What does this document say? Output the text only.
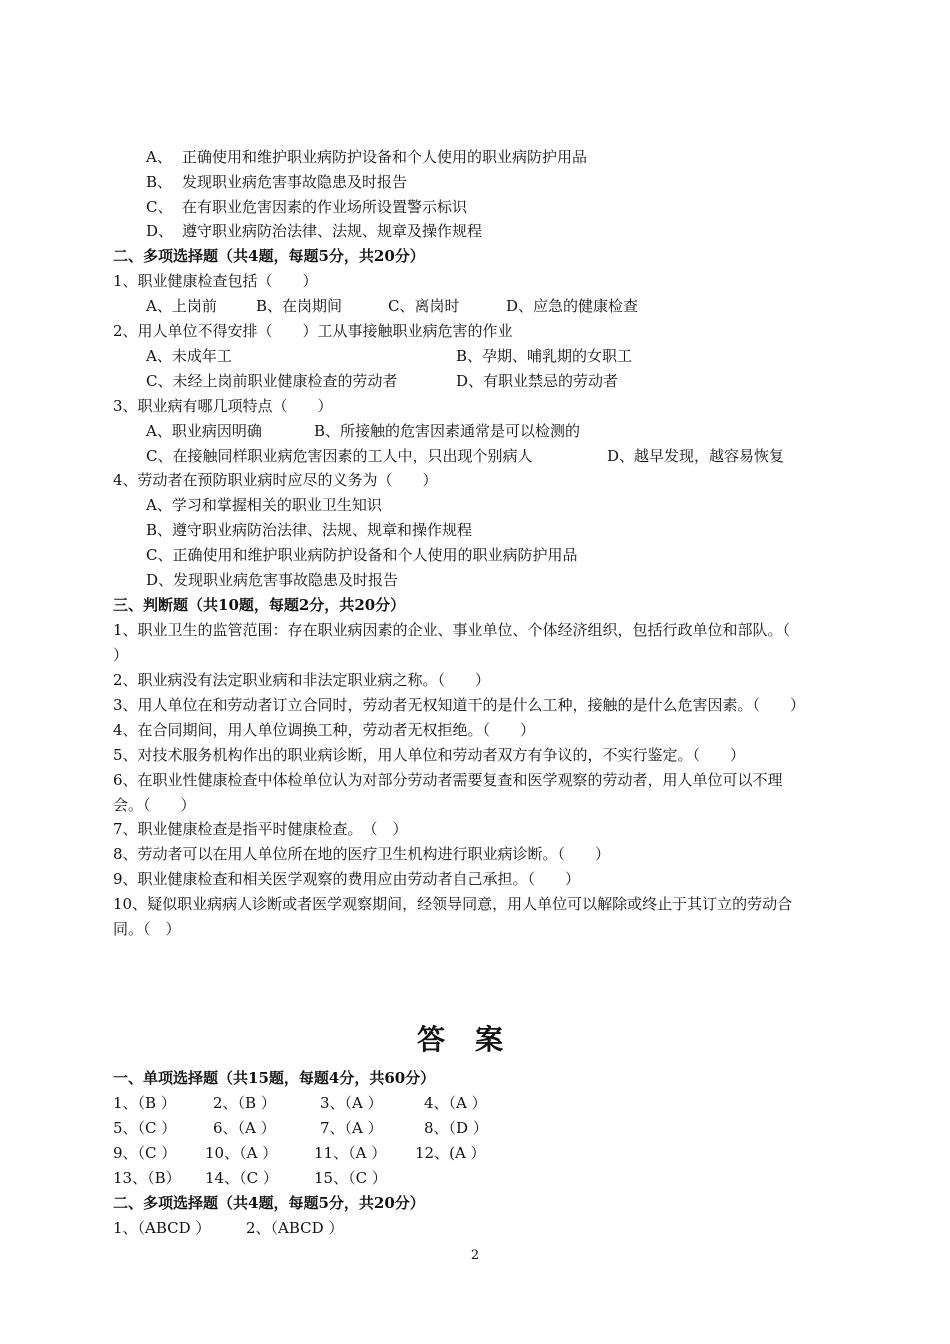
A、 正确使用和维护职业病防护设备和个人使用的职业病防护用品
B、 发现职业病危害事故隐患及时报告
C、 在有职业危害因素的作业场所设置警示标识
D、 遵守职业病防治法律、法规、规章及操作规程
二、多项选择题（共4题，每题5分，共20分）
1、职业健康检查包括（　　）
A、上岗前	B、在岗期间	C、离岗时	D、应急的健康检查
2、用人单位不得安排（　　）工从事接触职业病危害的作业
A、未成年工	B、孕期、哺乳期的女职工
C、未经上岗前职业健康检查的劳动者	D、有职业禁忌的劳动者
3、职业病有哪几项特点（　　）
A、职业病因明确	B、所接触的危害因素通常是可以检测的
C、在接触同样职业病危害因素的工人中，只出现个别病人	D、越早发现，越容易恢复
4、劳动者在预防职业病时应尽的义务为（　　）
A、学习和掌握相关的职业卫生知识
B、遵守职业病防治法律、法规、规章和操作规程
C、正确使用和维护职业病防护设备和个人使用的职业病防护用品
D、发现职业病危害事故隐患及时报告
三、判断题（共10题，每题2分，共20分）
1、职业卫生的监管范围：存在职业病因素的企业、事业单位、个体经济组织，包括行政单位和部队。（
）
2、职业病没有法定职业病和非法定职业病之称。（　　）
3、用人单位在和劳动者订立合同时，劳动者无权知道干的是什么工种，接触的是什么危害因素。（　　）
4、在合同期间，用人单位调换工种，劳动者无权拒绝。（　　）
5、对技术服务机构作出的职业病诊断，用人单位和劳动者双方有争议的，不实行鉴定。（　　）
6、在职业性健康检查中体检单位认为对部分劳动者需要复查和医学观察的劳动者，用人单位可以不理
会。（　　）
7、职业健康检查是指平时健康检查。　（　）
8、劳动者可以在用人单位所在地的医疗卫生机构进行职业病诊断。（　　）
9、职业健康检查和相关医学观察的费用应由劳动者自己承担。（　　）
10、疑似职业病病人诊断或者医学观察期间，经领导同意，用人单位可以解除或终止于其订立的劳动合
同。（　）
答案
一、单项选择题（共15题，每题4分，共60分）
1、（B ） 2、（B ）	3、（A ）	4、（A ）
5、（C ） 6、（A ）	7、（A ）	8、（D ）
9、（C ） 10、（A ） 11、（A ） 12、(A ）
13、（B） 14、（C ） 15、（C ）
二、多项选择题（共4题，每题5分，共20分）
1、（ABCD ） 2、（ABCD ）
2
